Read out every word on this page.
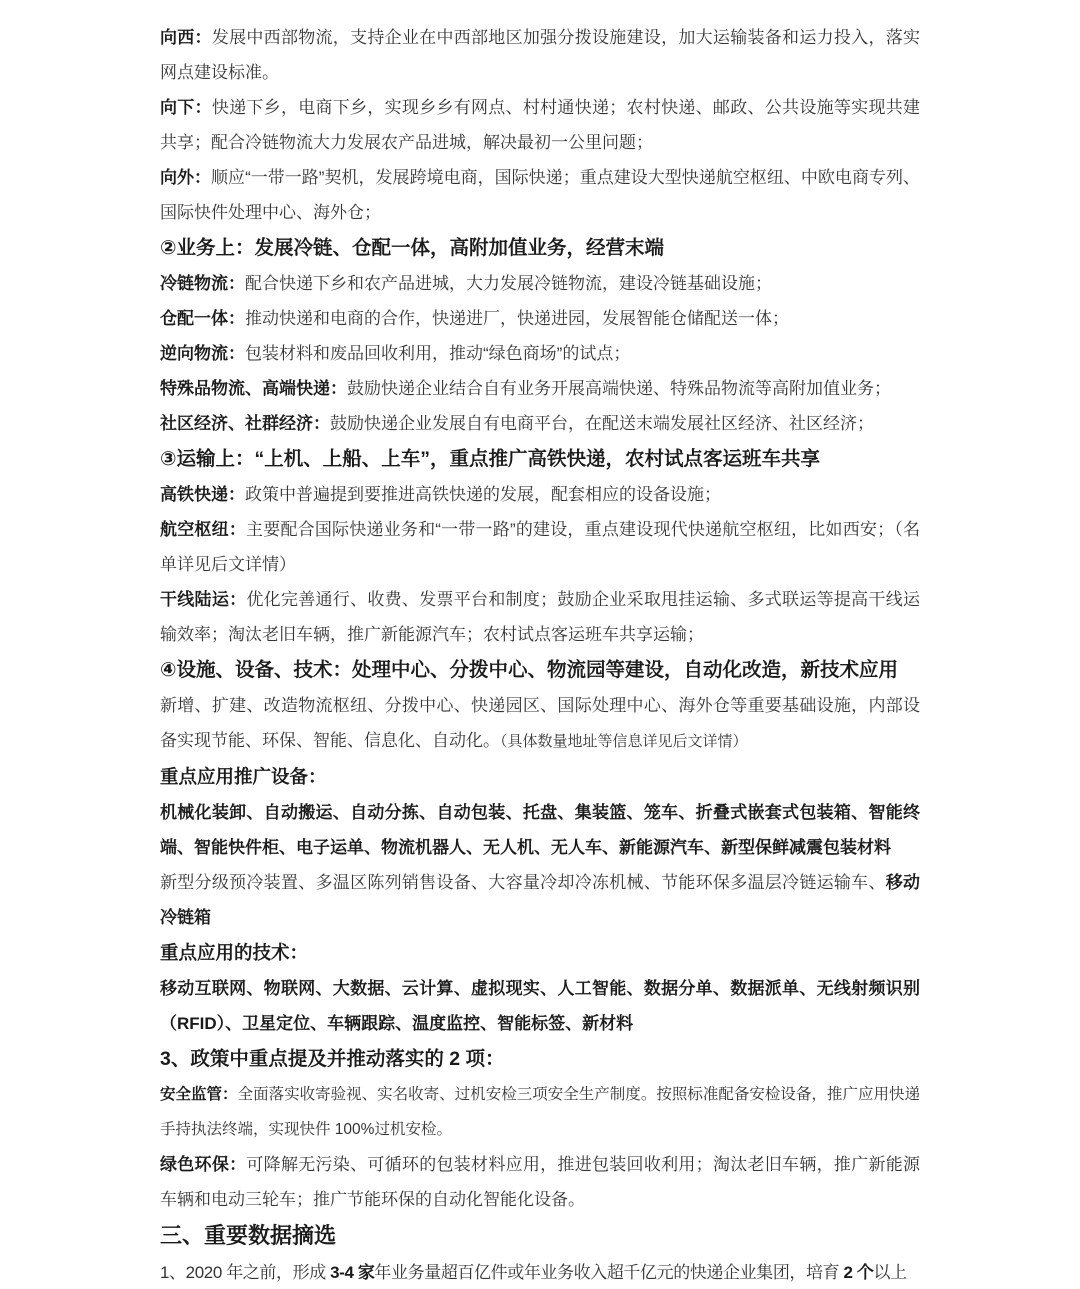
向西：发展中西部物流，支持企业在中西部地区加强分拨设施建设，加大运输装备和运力投入，落实网点建设标准。

向下：快递下乡，电商下乡，实现乡乡有网点、村村通快递；农村快递、邮政、公共设施等实现共建共享；配合冷链物流大力发展农产品进城，解决最初一公里问题；

向外：顺应“一带一路”契机，发展跨境电商，国际快递；重点建设大型快递航空枢纽、中欧电商专列、国际快件处理中心、海外仓；

②业务上：发展冷链、仓配一体，高附加值业务，经营末端

冷链物流：配合快递下乡和农产品进城，大力发展冷链物流，建设冷链基础设施；

仓配一体：推动快递和电商的合作，快递进厂，快递进园，发展智能仓储配送一体；

逆向物流：包装材料和废品回收利用，推动“绿色商场”的试点；

特殊品物流、高端快递：鼓励快递企业结合自有业务开展高端快递、特殊品物流等高附加值业务；

社区经济、社群经济：鼓励快递企业发展自有电商平台，在配送末端发展社区经济、社区经济；

③运输上：“上机、上船、上车”，重点推广高铁快递，农村试点客运班车共享

高铁快递：政策中普遍提到要推进高铁快递的发展，配套相应的设备设施；

航空枢纽：主要配合国际快递业务和“一带一路”的建设，重点建设现代快递航空枢纽，比如西安；（名单详见后文详情）

干线陆运：优化完善通行、收费、发票平台和制度；鼓励企业采取甩挂运输、多式联运等提高干线运输效率；淘汰老旧车辆，推广新能源汽车；农村试点客运班车共享运输；

④设施、设备、技术：处理中心、分拨中心、物流园等建设，自动化改造，新技术应用

新增、扩建、改造物流枢纽、分拨中心、快递园区、国际处理中心、海外仓等重要基础设施，内部设备实现节能、环保、智能、信息化、自动化。（具体数量地址等信息详见后文详情）

重点应用推广设备：

机械化装卸、自动搬运、自动分拣、自动包装、托盘、集装篮、笼车、折叠式嵌套式包装箱、智能终端、智能快件柜、电子运单、物流机器人、无人机、无人车、新能源汽车、新型保鲜减震包装材料

新型分级预冷装置、多温区陈列销售设备、大容量冷却冷冻机械、节能环保多温层冷链运输车、移动冷链箱

重点应用的技术：

移动互联网、物联网、大数据、云计算、虚拟现实、人工智能、数据分单、数据派单、无线射频识别（RFID）、卫星定位、车辆跟踪、温度监控、智能标签、新材料

3、政策中重点提及并推动落实的 2 项：

安全监管：全面落实收寄验视、实名收寄、过机安检三项安全生产制度。按照标准配备安检设备，推广应用快递手持执法终端，实现快件 100%过机安检。

绿色环保：可降解无污染、可循环的包装材料应用，推进包装回收利用；淘汰老旧车辆，推广新能源车辆和电动三轮车；推广节能环保的自动化智能化设备。

三、重要数据摘选

1、2020 年之前，形成 3-4 家年业务量超百亿件或年业务收入超千亿元的快递企业集团，培育 2 个以上
